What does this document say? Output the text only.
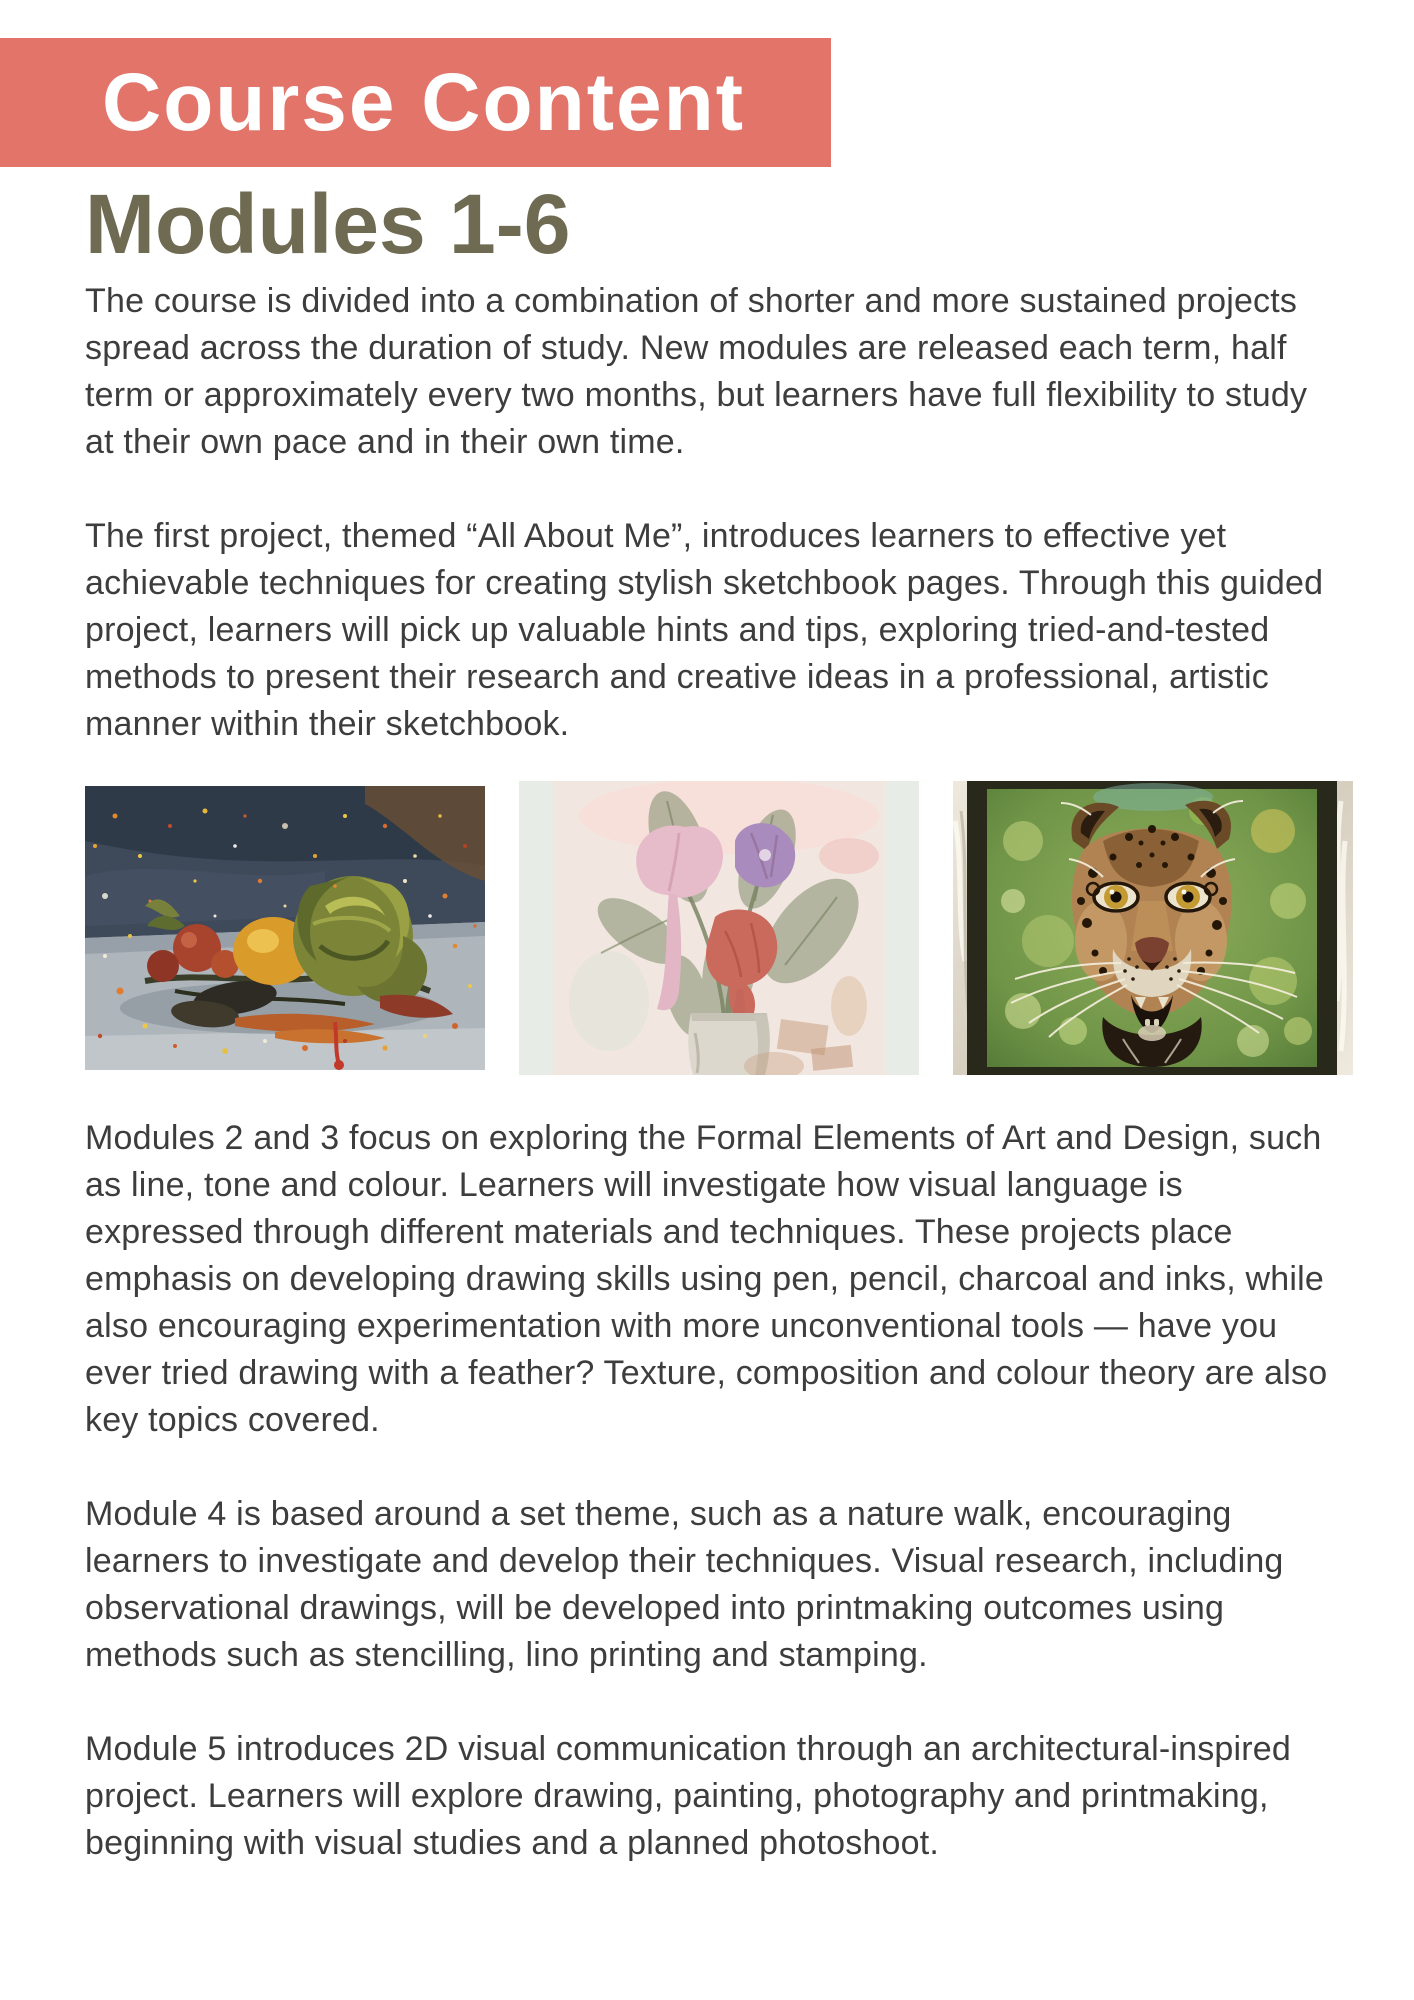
Course Content
Modules 1-6

The course is divided into a combination of shorter and more sustained projects spread across the duration of study. New modules are released each term, half term or approximately every two months, but learners have full flexibility to study at their own pace and in their own time.

The first project, themed “All About Me”, introduces learners to effective yet achievable techniques for creating stylish sketchbook pages. Through this guided project, learners will pick up valuable hints and tips, exploring tried-and-tested methods to present their research and creative ideas in a professional, artistic manner within their sketchbook.

Modules 2 and 3 focus on exploring the Formal Elements of Art and Design, such as line, tone and colour. Learners will investigate how visual language is expressed through different materials and techniques. These projects place emphasis on developing drawing skills using pen, pencil, charcoal and inks, while also encouraging experimentation with more unconventional tools — have you ever tried drawing with a feather? Texture, composition and colour theory are also key topics covered.

Module 4 is based around a set theme, such as a nature walk, encouraging learners to investigate and develop their techniques. Visual research, including observational drawings, will be developed into printmaking outcomes using methods such as stencilling, lino printing and stamping.

Module 5 introduces 2D visual communication through an architectural-inspired project. Learners will explore drawing, painting, photography and printmaking, beginning with visual studies and a planned photoshoot.
